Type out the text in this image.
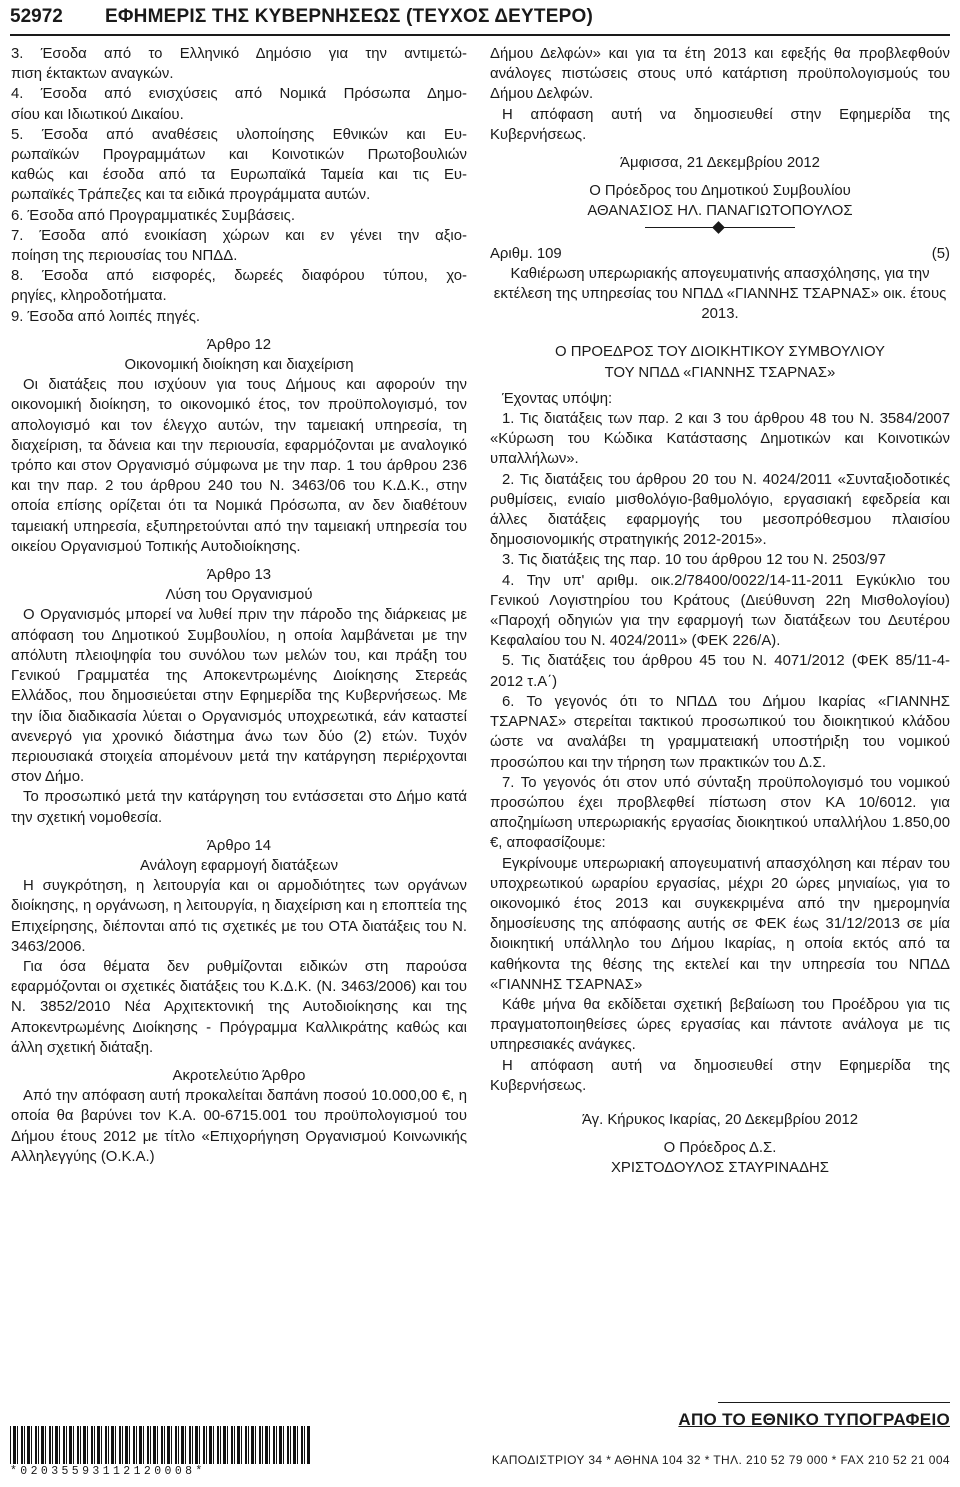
52972 ΕΦΗΜΕΡΙΣ ΤΗΣ ΚΥΒΕΡΝΗΣΕΩΣ (ΤΕΥΧΟΣ ΔΕΥΤΕΡΟ)

3. Έσοδα από το Ελληνικό Δημόσιο για την αντιμετώ-

πιση έκτακτων αναγκών.

4. Έσοδα από ενισχύσεις από Νομικά Πρόσωπα Δημο-

σίου και Ιδιωτικού Δικαίου.

5. Έσοδα από αναθέσεις υλοποίησης Εθνικών και Ευ-

ρωπαϊκών Προγραμμάτων και Κοινοτικών Πρωτοβουλιών

καθώς και έσοδα από τα Ευρωπαϊκά Ταμεία και τις Ευ-

ρωπαϊκές Τράπεζες και τα ειδικά προγράμματα αυτών.

6. Έσοδα από Προγραμματικές Συμβάσεις.

7. Έσοδα από ενοικίαση χώρων και εν γένει την αξιο-

ποίηση της περιουσίας του ΝΠΔΔ.

8. Έσοδα από εισφορές, δωρεές διαφόρου τύπου, χο-

ρηγίες, κληροδοτήματα.

9. Έσοδα από λοιπές πηγές.

Άρθρο 12

Οικονομική διοίκηση και διαχείριση

Οι διατάξεις που ισχύουν για τους Δήμους και αφορούν την οικονομική διοίκηση, το οικονομικό έτος, τον προϋπολογισμό, τον απολογισμό και τον έλεγχο αυτών, την ταμειακή υπηρεσία, τη διαχείριση, τα δάνεια και την περιουσία, εφαρμόζονται με αναλογικό τρόπο και στον Οργανισμό σύμφωνα με την παρ. 1 του άρθρου 236 και την παρ. 2 του άρθρου 240 του Ν. 3463/06 του Κ.Δ.Κ., στην οποία επίσης ορίζεται ότι τα Νομικά Πρόσωπα, αν δεν διαθέτουν ταμειακή υπηρεσία, εξυπηρετούνται από την ταμειακή υπηρεσία του οικείου Οργανισμού Τοπικής Αυτοδιοίκησης.

Άρθρο 13

Λύση του Οργανισμού

Ο Οργανισμός μπορεί να λυθεί πριν την πάροδο της διάρκειας με απόφαση του Δημοτικού Συμβουλίου, η οποία λαμβάνεται με την απόλυτη πλειοψηφία του συνόλου των μελών του, και πράξη του Γενικού Γραμματέα της Αποκεντρωμένης Διοίκησης Στερεάς Ελλάδος, που δημοσιεύεται στην Εφημερίδα της Κυβερνήσεως. Με την ίδια διαδικασία λύεται ο Οργανισμός υποχρεωτικά, εάν καταστεί ανενεργό για χρονικό διάστημα άνω των δύο (2) ετών. Τυχόν περιουσιακά στοιχεία απομένουν μετά την κατάργηση περιέρχονται στον Δήμο.

Το προσωπικό μετά την κατάργηση του εντάσσεται στο Δήμο κατά την σχετική νομοθεσία.

Άρθρο 14

Ανάλογη εφαρμογή διατάξεων

Η συγκρότηση, η λειτουργία και οι αρμοδιότητες των οργάνων διοίκησης, η οργάνωση, η λειτουργία, η διαχείριση και η εποπτεία της Επιχείρησης, διέπονται από τις σχετικές με του ΟΤΑ διατάξεις του Ν. 3463/2006.

Για όσα θέματα δεν ρυθμίζονται ειδικών στη παρούσα εφαρμόζονται οι σχετικές διατάξεις του Κ.Δ.Κ. (Ν. 3463/2006) και του Ν. 3852/2010 Νέα Αρχιτεκτονική της Αυτοδιοίκησης και της Αποκεντρωμένης Διοίκησης - Πρόγραμμα Καλλικράτης καθώς και άλλη σχετική διάταξη.

Ακροτελεύτιο Άρθρο

Από την απόφαση αυτή προκαλείται δαπάνη ποσού 10.000,00 €, η οποία θα βαρύνει τον Κ.Α. 00-6715.001 του προϋπολογισμού του Δήμου έτους 2012 με τίτλο «Επιχορήγηση Οργανισμού Κοινωνικής Αλληλεγγύης (Ο.Κ.Α.)

Δήμου Δελφών» και για τα έτη 2013 και εφεξής θα προβλεφθούν ανάλογες πιστώσεις στους υπό κατάρτιση προϋπολογισμούς του Δήμου Δελφών.

Η απόφαση αυτή να δημοσιευθεί στην Εφημερίδα της Κυβερνήσεως.

Άμφισσα, 21 Δεκεμβρίου 2012

Ο Πρόεδρος του Δημοτικού Συμβουλίου

ΑΘΑΝΑΣΙΟΣ ΗΛ. ΠΑΝΑΓΙΩΤΟΠΟΥΛΟΣ

Αριθμ. 109	(5)

Καθιέρωση υπερωριακής απογευματινής απασχόλησης, για την εκτέλεση της υπηρεσίας του ΝΠΔΔ «ΓΙΑΝΝΗΣ ΤΣΑΡΝΑΣ» οικ. έτους 2013.

Ο ΠΡΟΕΔΡΟΣ ΤΟΥ ΔΙΟΙΚΗΤΙΚΟΥ ΣΥΜΒΟΥΛΙΟΥ

ΤΟΥ ΝΠΔΔ «ΓΙΑΝΝΗΣ ΤΣΑΡΝΑΣ»

Έχοντας υπόψη:

1. Τις διατάξεις των παρ. 2 και 3 του άρθρου 48 του Ν. 3584/2007 «Κύρωση του Κώδικα Κατάστασης Δημοτικών και Κοινοτικών υπαλλήλων».

2. Τις διατάξεις του άρθρου 20 του Ν. 4024/2011 «Συνταξιοδοτικές ρυθμίσεις, ενιαίο μισθολόγιο-βαθμολόγιο, εργασιακή εφεδρεία και άλλες διατάξεις εφαρμογής του μεσοπρόθεσμου πλαισίου δημοσιονομικής στρατηγικής 2012-2015».

3. Τις διατάξεις της παρ. 10 του άρθρου 12 του Ν. 2503/97

4. Την υπ' αριθμ. οικ.2/78400/0022/14-11-2011 Εγκύκλιο του Γενικού Λογιστηρίου του Κράτους (Διεύθυνση 22η Μισθολογίου) «Παροχή οδηγιών για την εφαρμογή των διατάξεων του Δευτέρου Κεφαλαίου του Ν. 4024/2011» (ΦΕΚ 226/Α).

5. Τις διατάξεις του άρθρου 45 του Ν. 4071/2012 (ΦΕΚ 85/11-4-2012 τ.Α΄)

6. Το γεγονός ότι το ΝΠΔΔ του Δήμου Ικαρίας «ΓΙΑΝΝΗΣ ΤΣΑΡΝΑΣ» στερείται τακτικού προσωπικού του διοικητικού κλάδου ώστε να αναλάβει τη γραμματειακή υποστήριξη του νομικού προσώπου και την τήρηση των πρακτικών του Δ.Σ.

7. Το γεγονός ότι στον υπό σύνταξη προϋπολογισμό του νομικού προσώπου έχει προβλεφθεί πίστωση στον ΚΑ 10/6012. για αποζημίωση υπερωριακής εργασίας διοικητικού υπαλλήλου 1.850,00 €, αποφασίζουμε:

Εγκρίνουμε υπερωριακή απογευματινή απασχόληση και πέραν του υποχρεωτικού ωραρίου εργασίας, μέχρι 20 ώρες μηνιαίως, για το οικονομικό έτος 2013 και συγκεκριμένα από την ημερομηνία δημοσίευσης της απόφασης αυτής σε ΦΕΚ έως 31/12/2013 σε μία διοικητική υπάλληλο του Δήμου Ικαρίας, η οποία εκτός από τα καθήκοντα της θέσης της εκτελεί και την υπηρεσία του ΝΠΔΔ «ΓΙΑΝΝΗΣ ΤΣΑΡΝΑΣ»

Κάθε μήνα θα εκδίδεται σχετική βεβαίωση του Προέδρου για τις πραγματοποιηθείσες ώρες εργασίας και πάντοτε ανάλογα με τις υπηρεσιακές ανάγκες.

Η απόφαση αυτή να δημοσιευθεί στην Εφημερίδα της Κυβερνήσεως.

Άγ. Κήρυκος Ικαρίας, 20 Δεκεμβρίου 2012

Ο Πρόεδρος Δ.Σ.

ΧΡΙΣΤΟΔΟΥΛΟΣ ΣΤΑΥΡΙΝΑΔΗΣ

ΑΠΟ ΤΟ ΕΘΝΙΚΟ ΤΥΠΟΓΡΑΦΕΙΟ
ΚΑΠΟΔΙΣΤΡΙΟΥ 34 * ΑΘΗΝΑ 104 32 * ΤΗΛ. 210 52 79 000 * FAX 210 52 21 004
*02035593112120008*
